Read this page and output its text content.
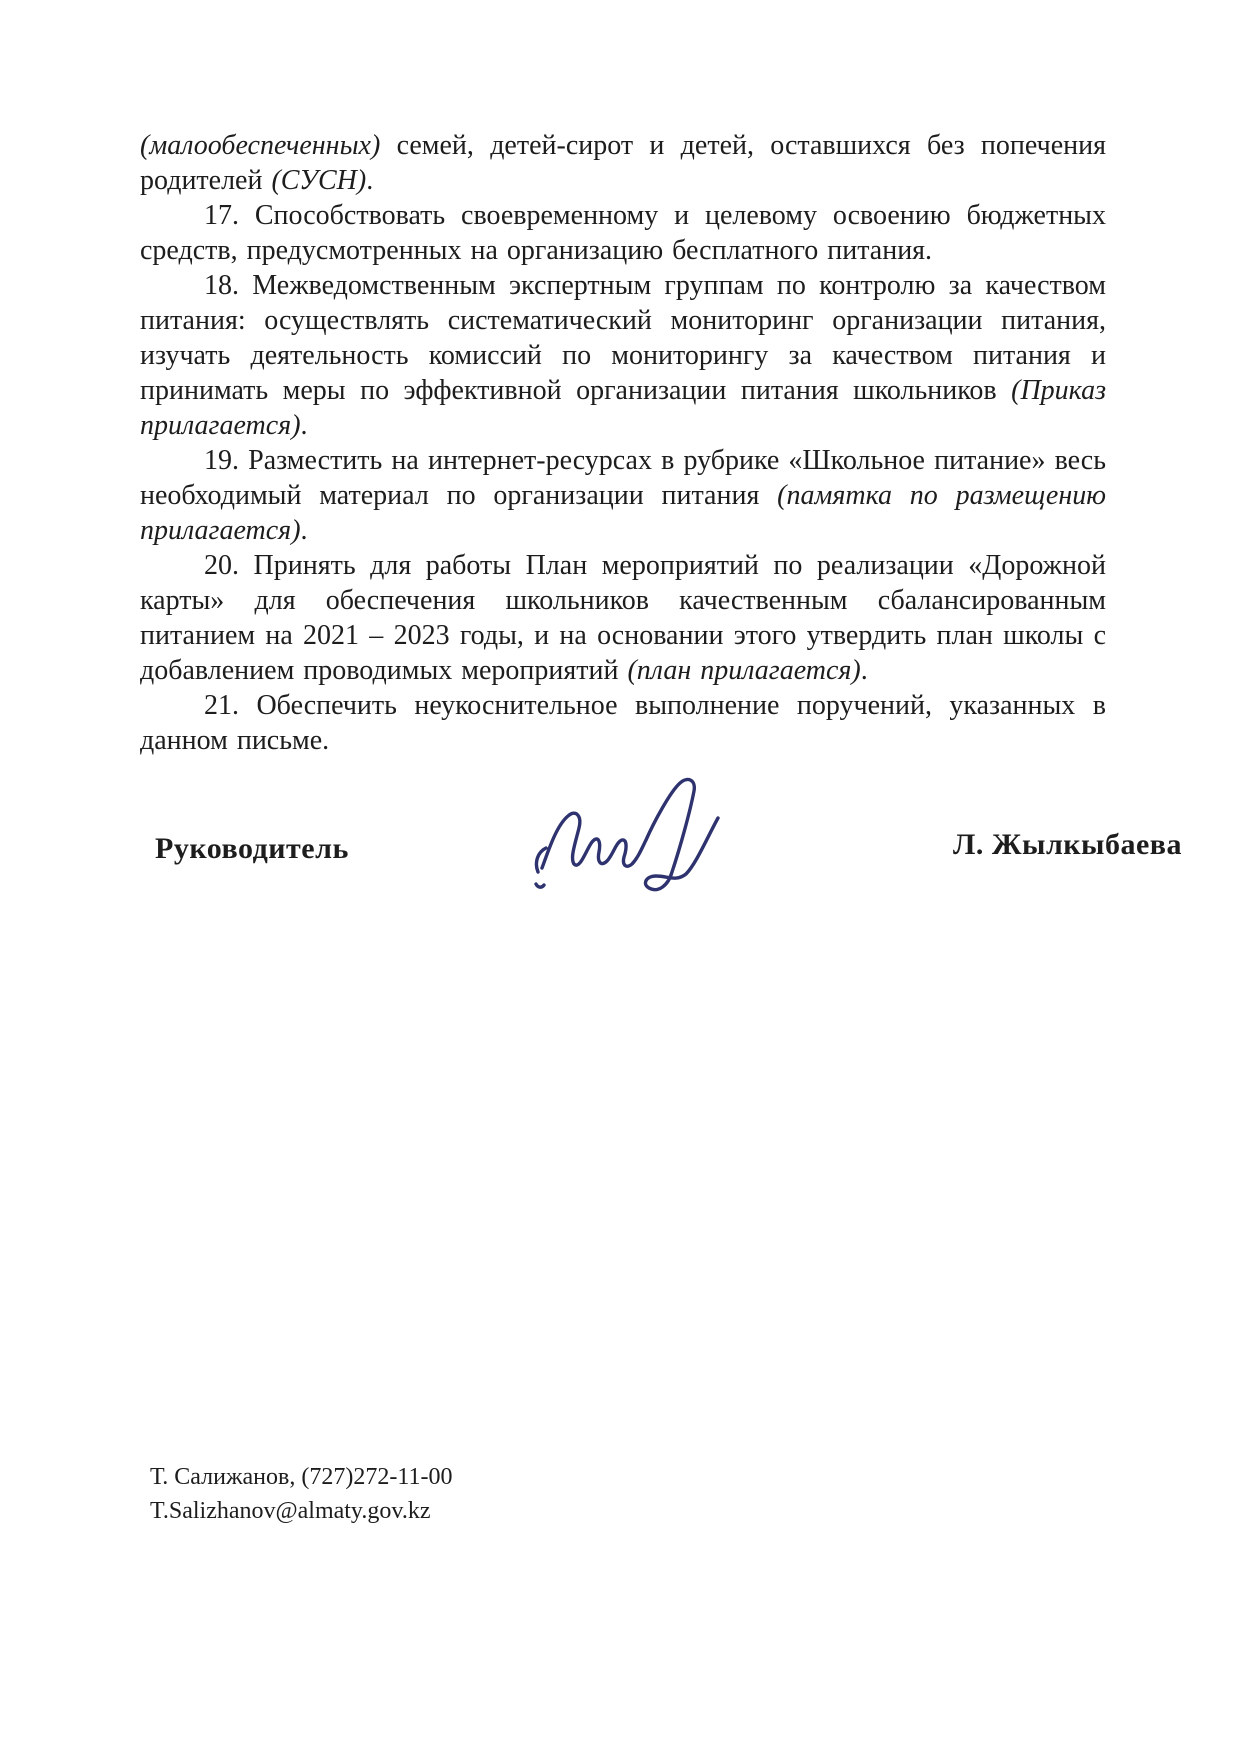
(малообеспеченных) семей, детей-сирот и детей, оставшихся без попечения родителей (СУСН).

17. Способствовать своевременному и целевому освоению бюджетных средств, предусмотренных на организацию бесплатного питания.

18. Межведомственным экспертным группам по контролю за качеством питания: осуществлять систематический мониторинг организации питания, изучать деятельность комиссий по мониторингу за качеством питания и принимать меры по эффективной организации питания школьников (Приказ прилагается).

19. Разместить на интернет-ресурсах в рубрике «Школьное питание» весь необходимый материал по организации питания (памятка по размещению прилагается).

20. Принять для работы План мероприятий по реализации «Дорожной карты» для обеспечения школьников качественным сбалансированным питанием на 2021 – 2023 годы, и на основании этого утвердить план школы с добавлением проводимых мероприятий (план прилагается).

21. Обеспечить неукоснительное выполнение поручений, указанных в данном письме.

Руководитель	Л. Жылкыбаева
Т. Салижанов, (727)272-11-00
T.Salizhanov@almaty.gov.kz
